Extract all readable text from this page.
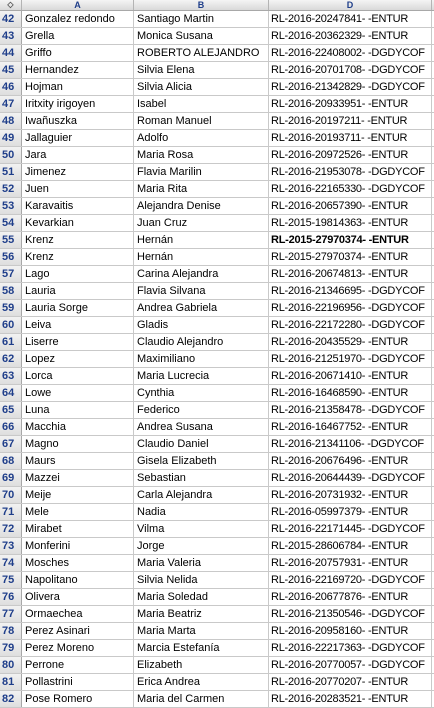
◇	A	B	D
42 Gonzalez redondo	Santiago Martin	RL-2016-20247841- -ENTUR
43 Grella	Monica Susana	RL-2016-20362329- -ENTUR
44 Griffo	ROBERTO ALEJANDRO	RL-2016-22408002- -DGDYCOF
45 Hernandez	Silvia Elena	RL-2016-20701708- -DGDYCOF
46 Hojman	Silvia Alicia	RL-2016-21342829- -DGDYCOF
47 Iritxity irigoyen	Isabel	RL-2016-20933951- -ENTUR
48 Iwañuszka	Roman Manuel	RL-2016-20197211- -ENTUR
49 Jallaguier	Adolfo	RL-2016-20193711- -ENTUR
50 Jara	Maria Rosa	RL-2016-20972526- -ENTUR
51 Jimenez	Flavia Marilin	RL-2016-21953078- -DGDYCOF
52 Juen	Maria Rita	RL-2016-22165330- -DGDYCOF
53 Karavaitis	Alejandra Denise	RL-2016-20657390- -ENTUR
54 Kevarkian	Juan Cruz	RL-2015-19814363- -ENTUR
55 Krenz	Hernán	RL-2015-27970374- -ENTUR
56 Krenz	Hernán	RL-2015-27970374- -ENTUR
57 Lago	Carina Alejandra	RL-2016-20674813- -ENTUR
58 Lauria	Flavia Silvana	RL-2016-21346695- -DGDYCOF
59 Lauria Sorge	Andrea Gabriela	RL-2016-22196956- -DGDYCOF
60 Leiva	Gladis	RL-2016-22172280- -DGDYCOF
61 Liserre	Claudio Alejandro	RL-2016-20435529- -ENTUR
62 Lopez	Maximiliano	RL-2016-21251970- -DGDYCOF
63 Lorca	Maria Lucrecia	RL-2016-20671410- -ENTUR
64 Lowe	Cynthia	RL-2016-16468590- -ENTUR
65 Luna	Federico	RL-2016-21358478- -DGDYCOF
66 Macchia	Andrea Susana	RL-2016-16467752- -ENTUR
67 Magno	Claudio Daniel	RL-2016-21341106- -DGDYCOF
68 Maurs	Gisela Elizabeth	RL-2016-20676496- -ENTUR
69 Mazzei	Sebastian	RL-2016-20644439- -DGDYCOF
70 Meije	Carla Alejandra	RL-2016-20731932- -ENTUR
71 Mele	Nadia	RL-2016-05997379- -ENTUR
72 Mirabet	Vilma	RL-2016-22171445- -DGDYCOF
73 Monferini	Jorge	RL-2015-28606784- -ENTUR
74 Mosches	Maria Valeria	RL-2016-20757931- -ENTUR
75 Napolitano	Silvia Nelida	RL-2016-22169720- -DGDYCOF
76 Olivera	Maria Soledad	RL-2016-20677876- -ENTUR
77 Ormaechea	Maria Beatriz	RL-2016-21350546- -DGDYCOF
78 Perez Asinari	Maria Marta	RL-2016-20958160- -ENTUR
79 Perez Moreno	Marcia Estefanía	RL-2016-22217363- -DGDYCOF
80 Perrone	Elizabeth	RL-2016-20770057- -DGDYCOF
81 Pollastrini	Erica Andrea	RL-2016-20770207- -ENTUR
82 Pose Romero	Maria del Carmen	RL-2016-20283521- -ENTUR
